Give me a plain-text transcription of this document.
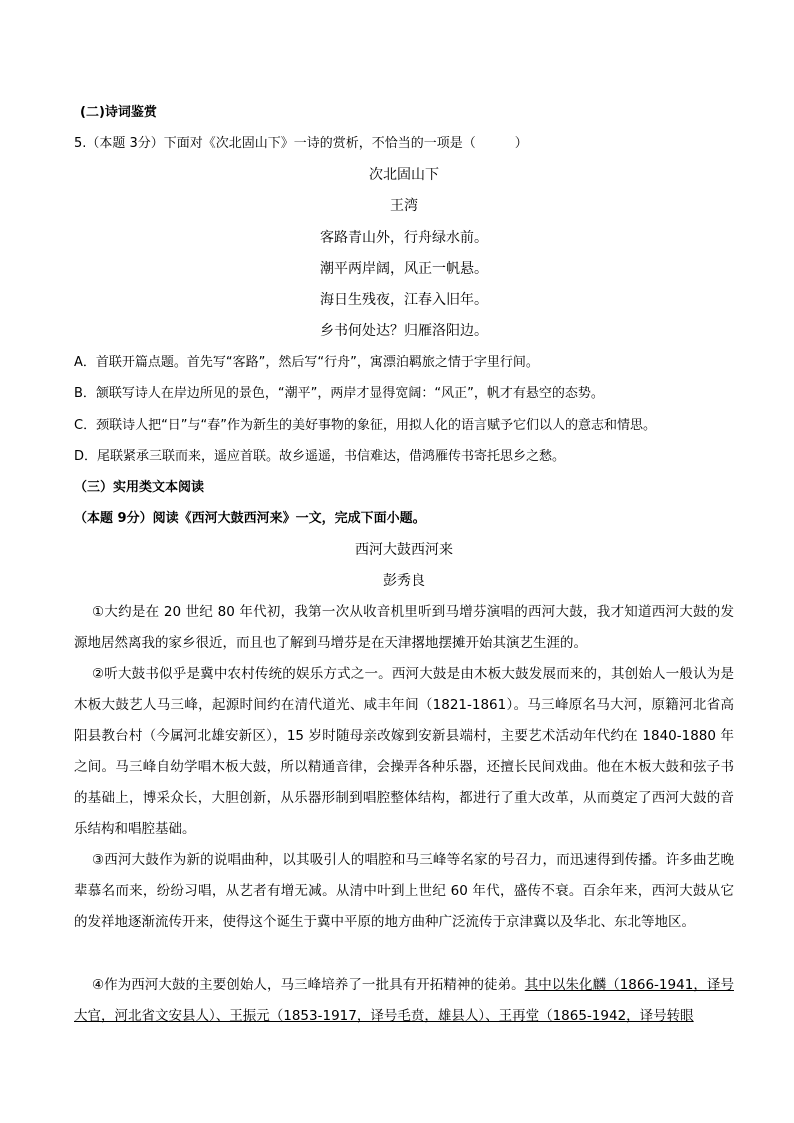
(二)诗词鉴赏
5.（本题 3分）下面对《次北固山下》一诗的赏析，不恰当的一项是（　　　）
次北固山下
王湾
客路青山外，行舟绿水前。
潮平两岸阔，风正一帆悬。
海日生残夜，江春入旧年。
乡书何处达？归雁洛阳边。
A．首联开篇点题。首先写“客路”，然后写“行舟”，寓漂泊羁旅之情于字里行间。
B．颔联写诗人在岸边所见的景色，“潮平”，两岸才显得宽阔：“风正”，帆才有悬空的态势。
C．颈联诗人把“日”与“春”作为新生的美好事物的象征，用拟人化的语言赋予它们以人的意志和情思。
D．尾联紧承三联而来，遥应首联。故乡遥遥，书信难达，借鸿雁传书寄托思乡之愁。
（三）实用类文本阅读
（本题 9分）阅读《西河大鼓西河来》一文，完成下面小题。
西河大鼓西河来
彭秀良
①大约是在 20 世纪 80 年代初，我第一次从收音机里听到马增芬演唱的西河大鼓，我才知道西河大鼓的发源地居然离我的家乡很近，而且也了解到马增芬是在天津撂地摆摊开始其演艺生涯的。
②听大鼓书似乎是冀中农村传统的娱乐方式之一。西河大鼓是由木板大鼓发展而来的，其创始人一般认为是木板大鼓艺人马三峰，起源时间约在清代道光、咸丰年间（1821-1861）。马三峰原名马大河，原籍河北省高阳县教台村（今属河北雄安新区），15 岁时随母亲改嫁到安新县端村，主要艺术活动年代约在 1840-1880 年之间。马三峰自幼学唱木板大鼓，所以精通音律，会操弄各种乐器，还擅长民间戏曲。他在木板大鼓和弦子书的基础上，博采众长，大胆创新，从乐器形制到唱腔整体结构，都进行了重大改革，从而奠定了西河大鼓的音乐结构和唱腔基础。
③西河大鼓作为新的说唱曲种，以其吸引人的唱腔和马三峰等名家的号召力，而迅速得到传播。许多曲艺晚辈慕名而来，纷纷习唱，从艺者有增无减。从清中叶到上世纪 60 年代，盛传不衰。百余年来，西河大鼓从它的发祥地逐渐流传开来，使得这个诞生于冀中平原的地方曲种广泛流传于京津冀以及华北、东北等地区。
④作为西河大鼓的主要创始人，马三峰培养了一批具有开拓精神的徒弟。其中以朱化麟（1866-1941，译号大官，河北省文安县人）、王振元（1853-1917，译号毛贲，雄县人）、王再堂（1865-1942，译号转眼
